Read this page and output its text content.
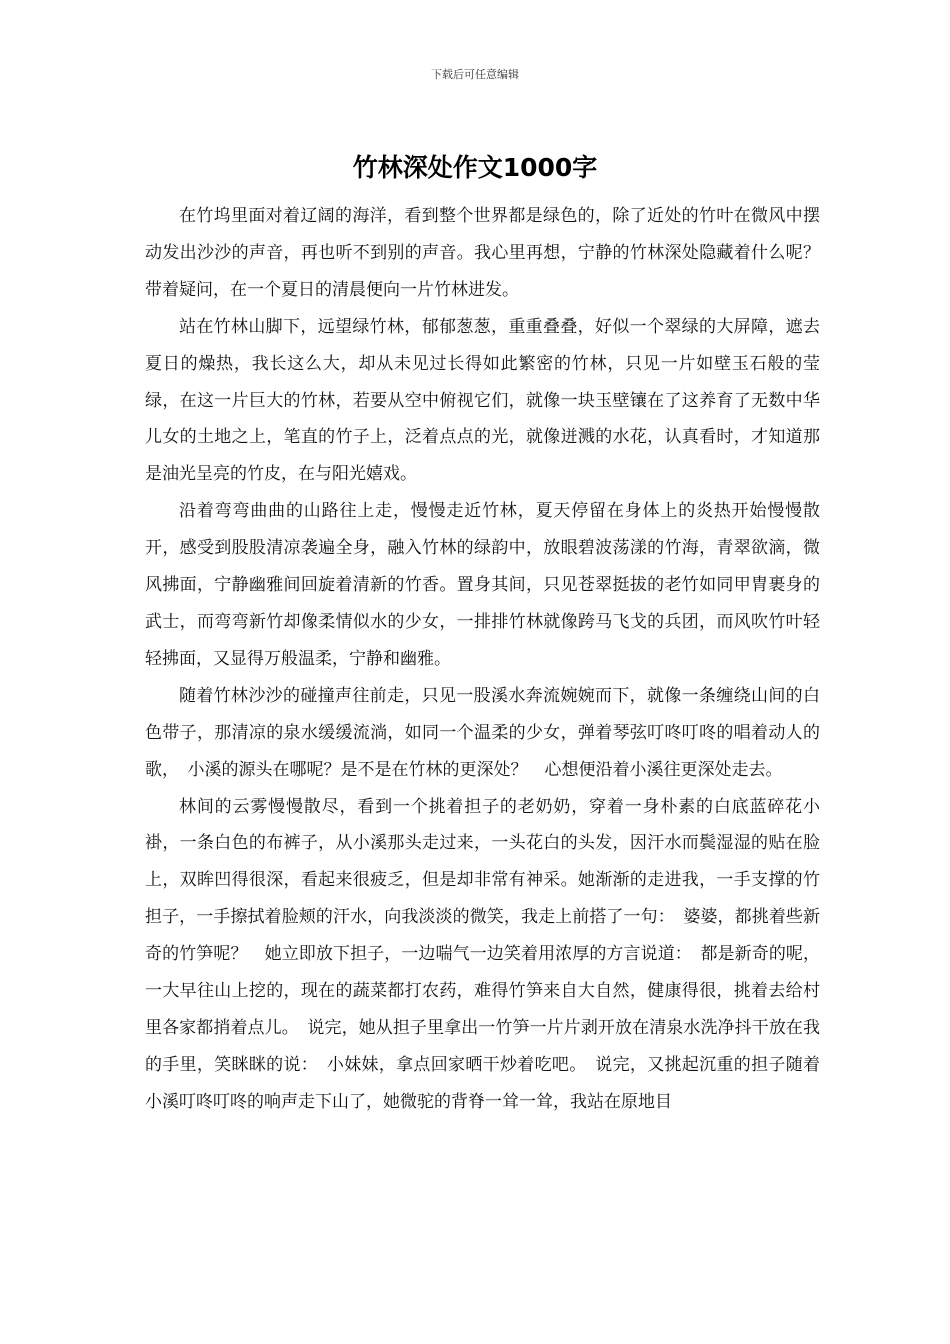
下载后可任意编辑
竹林深处作文1000字

在竹坞里面对着辽阔的海洋，看到整个世界都是绿色的，除了近处的竹叶在微风中摆动发出沙沙的声音，再也听不到别的声音。我心里再想，宁静的竹林深处隐藏着什么呢？带着疑问，在一个夏日的清晨便向一片竹林进发。

站在竹林山脚下，远望绿竹林，郁郁葱葱，重重叠叠，好似一个翠绿的大屏障，遮去夏日的燥热，我长这么大，却从未见过长得如此繁密的竹林，只见一片如壁玉石般的莹绿，在这一片巨大的竹林，若要从空中俯视它们，就像一块玉壁镶在了这养育了无数中华儿女的土地之上，笔直的竹子上，泛着点点的光，就像迸溅的水花，认真看时，才知道那是油光呈亮的竹皮，在与阳光嬉戏。

沿着弯弯曲曲的山路往上走，慢慢走近竹林，夏天停留在身体上的炎热开始慢慢散开，感受到股股清凉袭遍全身，融入竹林的绿韵中，放眼碧波荡漾的竹海，青翠欲滴，微风拂面，宁静幽雅间回旋着清新的竹香。置身其间，只见苍翠挺拔的老竹如同甲胄裹身的武士，而弯弯新竹却像柔情似水的少女，一排排竹林就像跨马飞戈的兵团，而风吹竹叶轻轻拂面，又显得万般温柔，宁静和幽雅。

随着竹林沙沙的碰撞声往前走，只见一股溪水奔流婉婉而下，就像一条缠绕山间的白色带子，那清凉的泉水缓缓流淌，如同一个温柔的少女，弹着琴弦叮咚叮咚的唱着动人的歌，　小溪的源头在哪呢？是不是在竹林的更深处？　心想便沿着小溪往更深处走去。

林间的云雾慢慢散尽，看到一个挑着担子的老奶奶，穿着一身朴素的白底蓝碎花小褂，一条白色的布裤子，从小溪那头走过来，一头花白的头发，因汗水而鬓湿湿的贴在脸上，双眸凹得很深，看起来很疲乏，但是却非常有神采。她渐渐的走进我，一手支撑的竹担子，一手擦拭着脸颊的汗水，向我淡淡的微笑，我走上前搭了一句：　婆婆，都挑着些新奇的竹笋呢？　她立即放下担子，一边喘气一边笑着用浓厚的方言说道：　都是新奇的呢，一大早往山上挖的，现在的蔬菜都打农药，难得竹笋来自大自然，健康得很，挑着去给村里各家都捎着点儿。　说完，她从担子里拿出一竹笋一片片剥开放在清泉水洗净抖干放在我的手里，笑眯眯的说：　小妹妹，拿点回家晒干炒着吃吧。　说完，又挑起沉重的担子随着小溪叮咚叮咚的响声走下山了，她微驼的背脊一耸一耸，我站在原地目
